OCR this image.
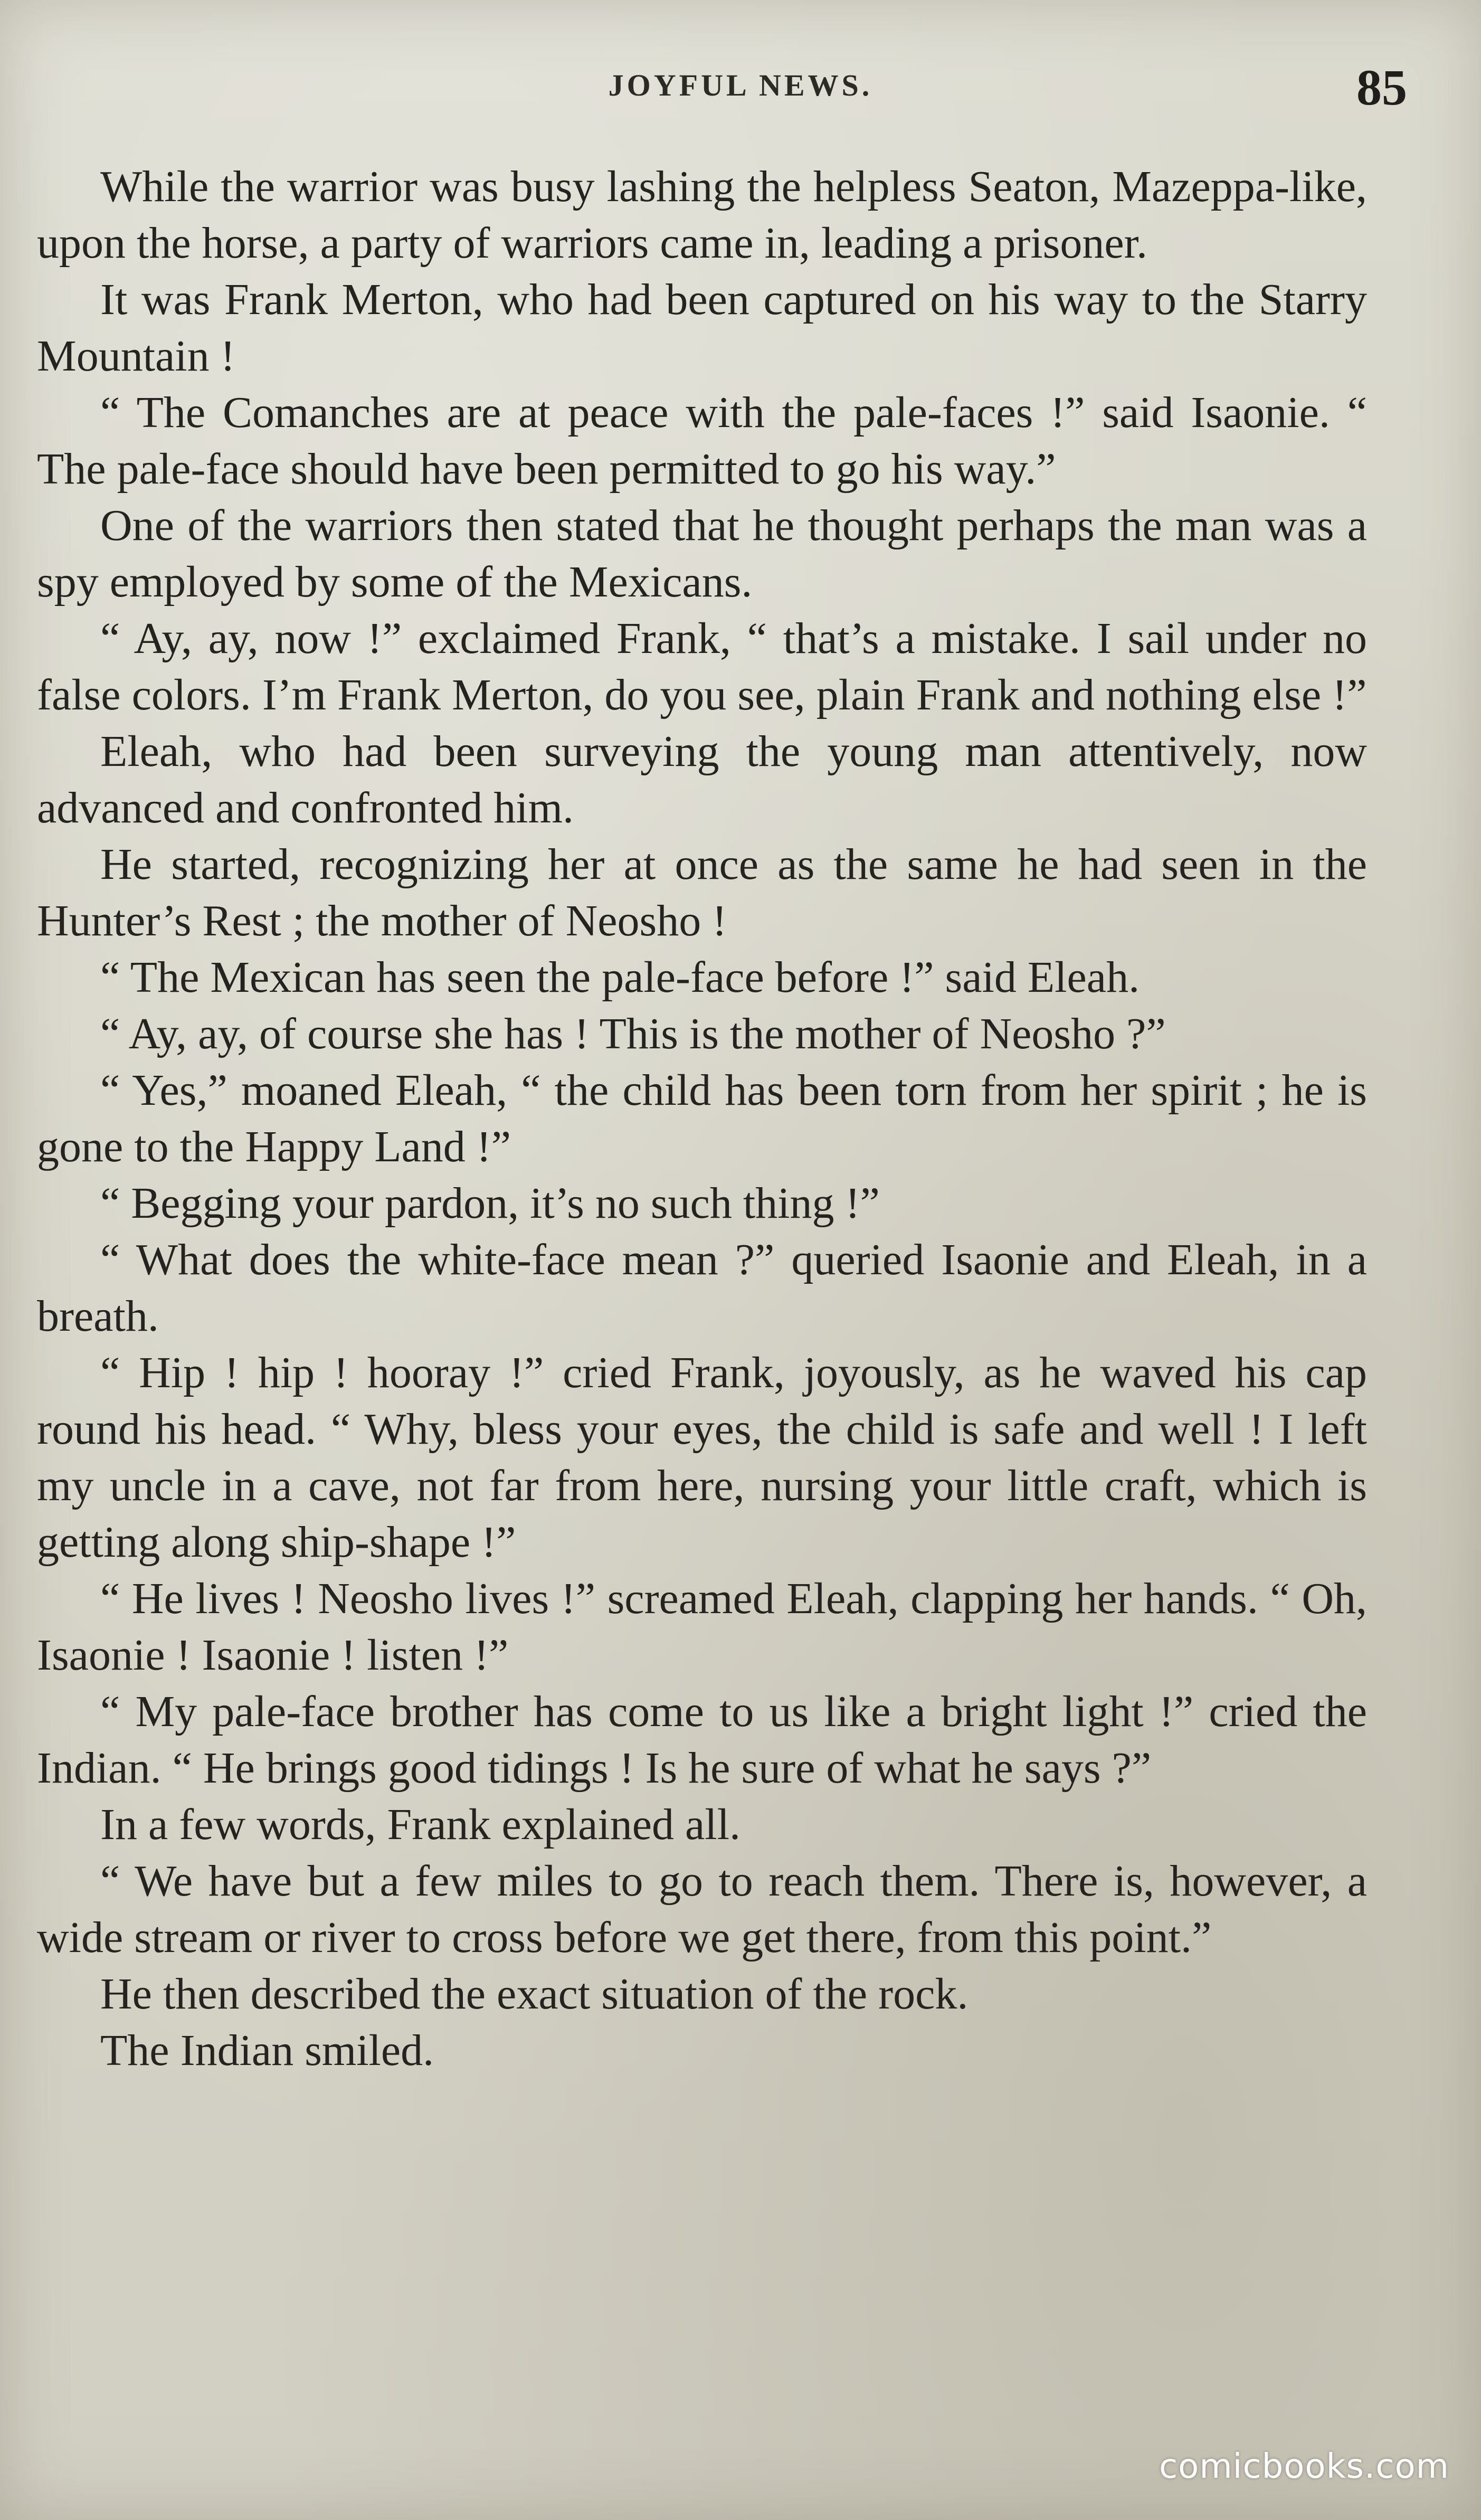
JOYFUL NEWS.	85

While the warrior was busy lashing the helpless Seaton, Mazeppa-like, upon the horse, a party of warriors came in, leading a prisoner.

It was Frank Merton, who had been captured on his way to the Starry Mountain !

“ The Comanches are at peace with the pale-faces !” said Isaonie. “ The pale-face should have been permitted to go his way.”

One of the warriors then stated that he thought perhaps the man was a spy employed by some of the Mexicans.

“ Ay, ay, now !” exclaimed Frank, “ that’s a mistake. I sail under no false colors. I’m Frank Merton, do you see, plain Frank and nothing else !”

Eleah, who had been surveying the young man attentively, now advanced and confronted him.

He started, recognizing her at once as the same he had seen in the Hunter’s Rest ; the mother of Neosho !

“ The Mexican has seen the pale-face before !” said Eleah.

“ Ay, ay, of course she has ! This is the mother of Neosho ?”

“ Yes,” moaned Eleah, “ the child has been torn from her spirit ; he is gone to the Happy Land !”

“ Begging your pardon, it’s no such thing !”

“ What does the white-face mean ?” queried Isaonie and Eleah, in a breath.

“ Hip ! hip ! hooray !” cried Frank, joyously, as he waved his cap round his head. “ Why, bless your eyes, the child is safe and well ! I left my uncle in a cave, not far from here, nursing your little craft, which is getting along ship-shape !”

“ He lives ! Neosho lives !” screamed Eleah, clapping her hands. “ Oh, Isaonie ! Isaonie ! listen !”

“ My pale-face brother has come to us like a bright light !” cried the Indian. “ He brings good tidings ! Is he sure of what he says ?”

In a few words, Frank explained all.

“ We have but a few miles to go to reach them. There is, however, a wide stream or river to cross before we get there, from this point.”

He then described the exact situation of the rock.

The Indian smiled.

comicbooks.com
